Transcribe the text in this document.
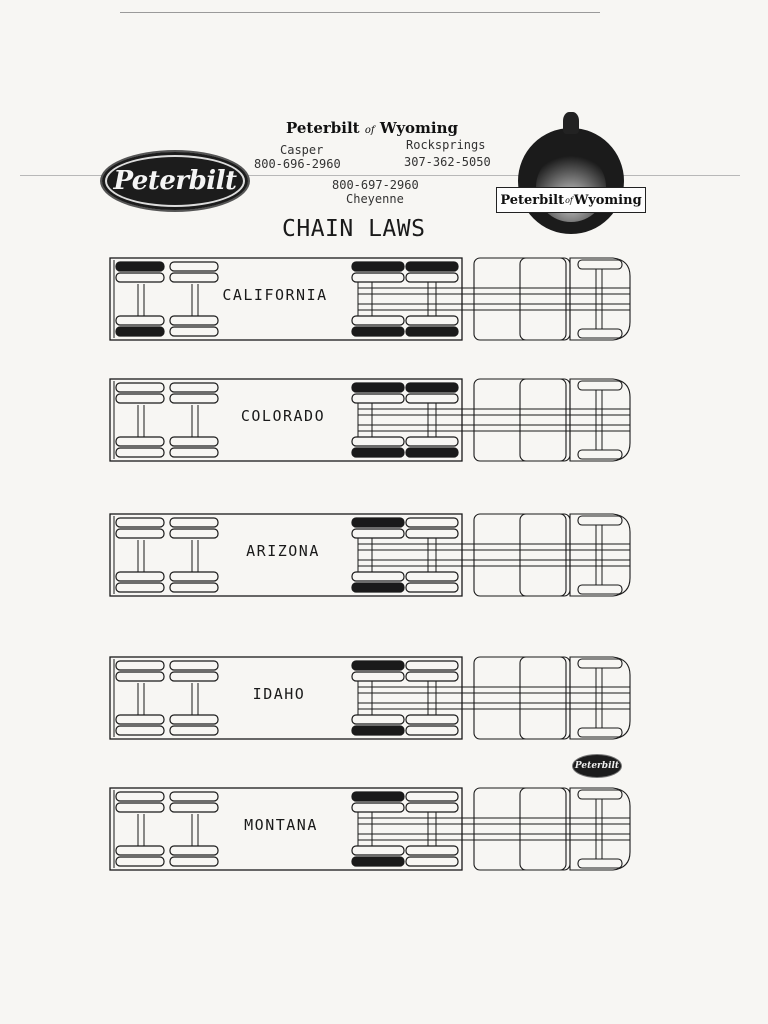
Peterbilt
Peterbilt of Wyoming
Casper
800-696-2960
Rocksprings
307-362-5050
800-697-2960
Cheyenne	Peterbilt of Wyoming
CHAIN LAWS
CALIFORNIA
COLORADO
ARIZONA
IDAHO
MONTANA
Peterbilt
